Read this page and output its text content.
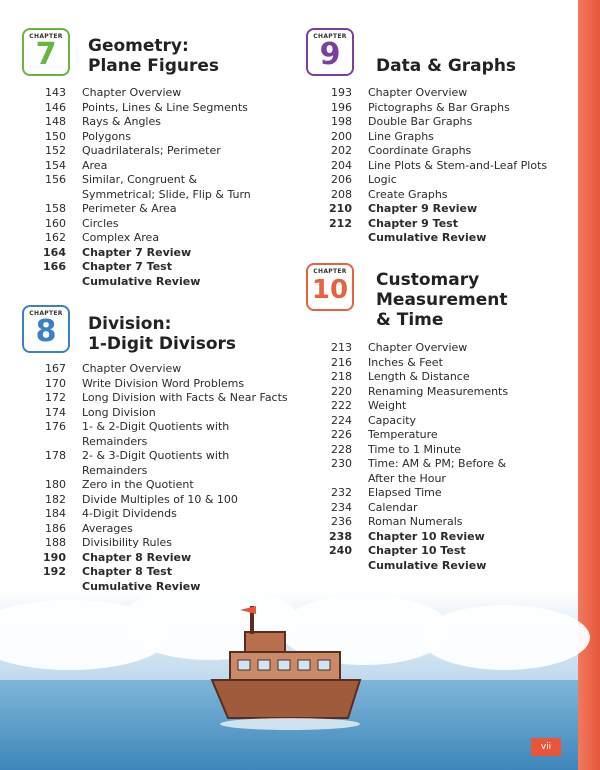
CHAPTER
7	Geometry:
Plane Figures
143 Chapter Overview
146 Points, Lines & Line Segments
148 Rays & Angles
150 Polygons
152 Quadrilaterals; Perimeter
154 Area
156 Similar, Congruent & Symmetrical; Slide, Flip & Turn
158 Perimeter & Area
160 Circles
162 Complex Area
164 Chapter 7 Review
166 Chapter 7 Test
Cumulative Review
CHAPTER
8	Division:
1-Digit Divisors
167 Chapter Overview
170 Write Division Word Problems
172 Long Division with Facts & Near Facts
174 Long Division
176 1- & 2-Digit Quotients with Remainders
178 2- & 3-Digit Quotients with Remainders
180 Zero in the Quotient
182 Divide Multiples of 10 & 100
184 4-Digit Dividends
186 Averages
188 Divisibility Rules
190 Chapter 8 Review
192 Chapter 8 Test
Cumulative Review
CHAPTER
9	Data & Graphs
193 Chapter Overview
196 Pictographs & Bar Graphs
198 Double Bar Graphs
200 Line Graphs
202 Coordinate Graphs
204 Line Plots & Stem-and-Leaf Plots
206 Logic
208 Create Graphs
210 Chapter 9 Review
212 Chapter 9 Test
Cumulative Review
CHAPTER
10 Customary
Measurement
& Time
213 Chapter Overview
216 Inches & Feet
218 Length & Distance
220 Renaming Measurements
222 Weight
224 Capacity
226 Temperature
228 Time to 1 Minute
230 Time: AM & PM; Before & After the Hour
232 Elapsed Time
234 Calendar
236 Roman Numerals
238 Chapter 10 Review
240 Chapter 10 Test
Cumulative Review
vii
